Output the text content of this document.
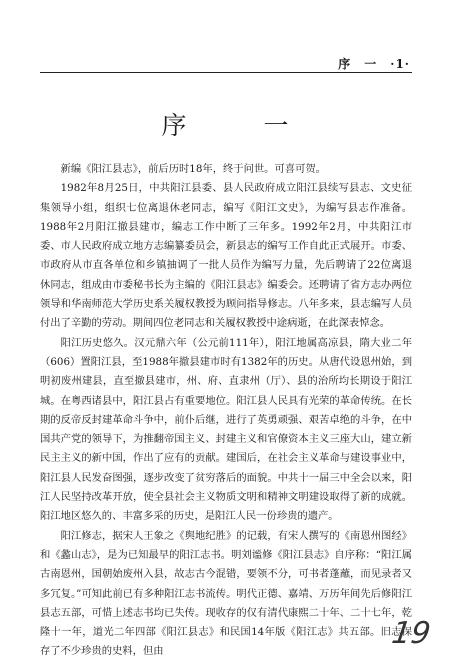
序　一　·1·
序　一

新编《阳江县志》，前后历时18年，终于问世。可喜可贺。

1982年8月25日，中共阳江县委、县人民政府成立阳江县续写县志、文史征集领导小组，组织七位离退休老同志，编写《阳江文史》，为编写县志作准备。1988年2月阳江撤县建市，编志工作中断了三年多。1992年2月，中共阳江市委、市人民政府成立地方志编纂委员会，新县志的编写工作自此正式展开。市委、市政府从市直各单位和乡镇抽调了一批人员作为编写力量，先后聘请了22位离退休同志，组成由市委秘书长为主编的《阳江县志》编委会。还聘请了省方志办两位领导和华南师范大学历史系关履权教授为顾问指导修志。八年多来，县志编写人员付出了辛勤的劳动。期间四位老同志和关履权教授中途病逝，在此深表悼念。

阳江历史悠久。汉元鼎六年（公元前111年），阳江地属高凉县，隋大业二年（606）置阳江县，至1988年撤县建市时有1382年的历史。从唐代设恩州始，到明初废州建县，直至撤县建市，州、府、直隶州（厅）、县的治所均长期设于阳江城。在粤西诸县中，阳江县占有重要地位。阳江县人民具有光荣的革命传统。在长期的反帝反封建革命斗争中，前仆后继，进行了英勇顽强、艰苦卓绝的斗争，在中国共产党的领导下，为推翻帝国主义、封建主义和官僚资本主义三座大山，建立新民主主义的新中国，作出了应有的贡献。建国后，在社会主义革命与建设事业中，阳江县人民发奋图强，逐步改变了贫穷落后的面貌。中共十一届三中全会以来，阳江人民坚持改革开放，使全县社会主义物质文明和精神文明建设取得了新的成就。阳江地区悠久的、丰富多采的历史，是阳江人民一份珍贵的遗产。

阳江修志，据宋人王象之《舆地纪胜》的记载，有宋人撰写的《南恩州图经》和《蠡山志》，是为已知最早的阳江志书。明刘谧修《阳江县志》自序称：“阳江属古南恩州，国朝始废州入县，故志古今混错，要领不分，可书者蓬蘸，而见录者又多冗复。”可知此前已有多种阳江志书流传。明代正德、嘉靖、万历年间先后修阳江县志五部，可惜上述志书均已失传。现收存的仅有清代康熙二十年、二十七年，乾隆十一年，道光二年四部《阳江县志》和民国14年版《阳江志》共五部。旧志保存了不少珍贵的史料，但由

19
